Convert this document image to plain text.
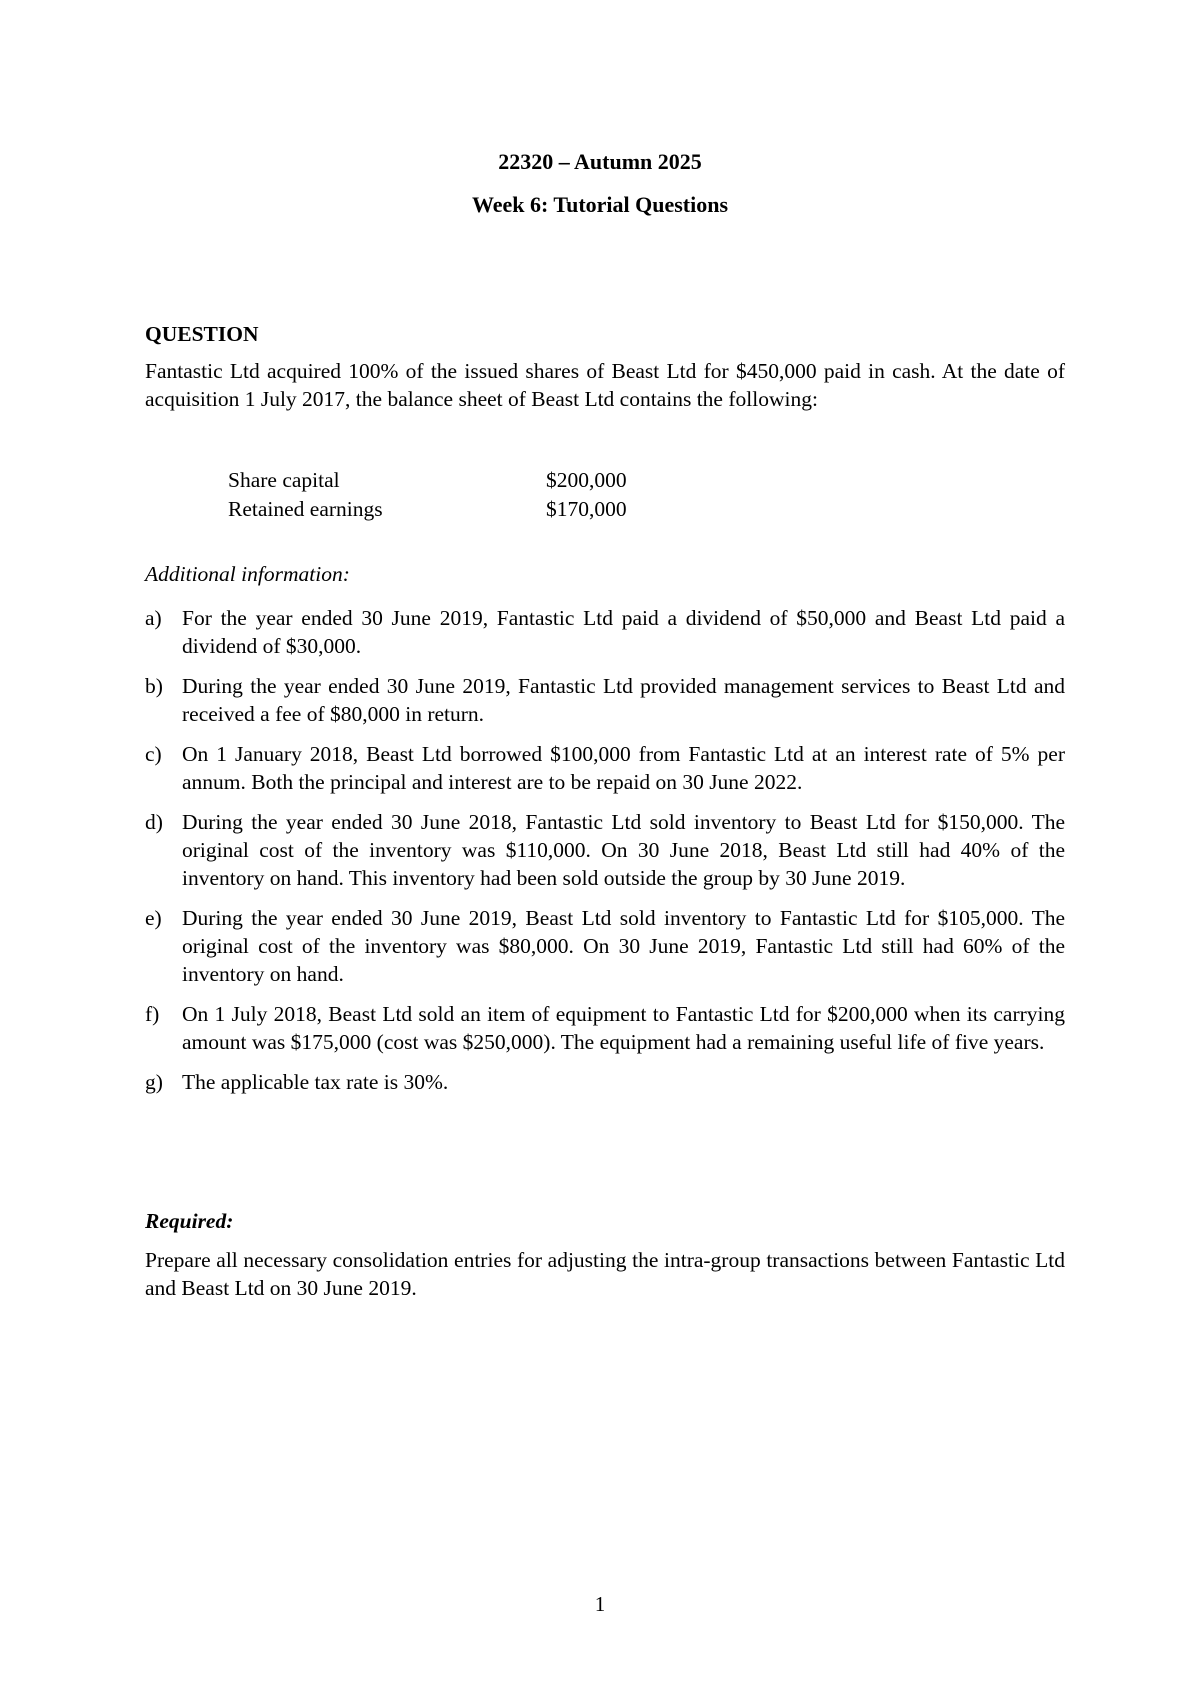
22320 – Autumn 2025
Week 6: Tutorial Questions
QUESTION
Fantastic Ltd acquired 100% of the issued shares of Beast Ltd for $450,000 paid in cash. At the date of acquisition 1 July 2017, the balance sheet of Beast Ltd contains the following:
Share capital	$200,000
Retained earnings	$170,000
Additional information:
a) For the year ended 30 June 2019, Fantastic Ltd paid a dividend of $50,000 and Beast Ltd paid a dividend of $30,000.
b) During the year ended 30 June 2019, Fantastic Ltd provided management services to Beast Ltd and received a fee of $80,000 in return.
c) On 1 January 2018, Beast Ltd borrowed $100,000 from Fantastic Ltd at an interest rate of 5% per annum. Both the principal and interest are to be repaid on 30 June 2022.
d) During the year ended 30 June 2018, Fantastic Ltd sold inventory to Beast Ltd for $150,000. The original cost of the inventory was $110,000. On 30 June 2018, Beast Ltd still had 40% of the inventory on hand. This inventory had been sold outside the group by 30 June 2019.
e) During the year ended 30 June 2019, Beast Ltd sold inventory to Fantastic Ltd for $105,000. The original cost of the inventory was $80,000. On 30 June 2019, Fantastic Ltd still had 60% of the inventory on hand.
f) On 1 July 2018, Beast Ltd sold an item of equipment to Fantastic Ltd for $200,000 when its carrying amount was $175,000 (cost was $250,000). The equipment had a remaining useful life of five years.
g) The applicable tax rate is 30%.
Required:
Prepare all necessary consolidation entries for adjusting the intra-group transactions between Fantastic Ltd and Beast Ltd on 30 June 2019.
1
